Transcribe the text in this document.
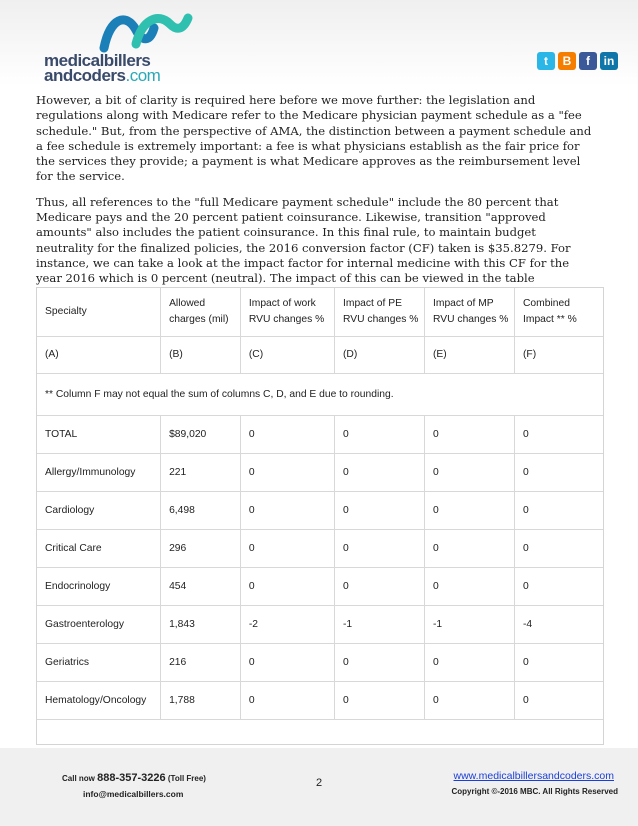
medicalbillers
andcoders.com
t	B	f	in

However, a bit of clarity is required here before we move further: the legislation and regulations along with Medicare refer to the Medicare physician payment schedule as a "fee schedule." But, from the perspective of AMA, the distinction between a payment schedule and a fee schedule is extremely important: a fee is what physicians establish as the fair price for the services they provide; a payment is what Medicare approves as the reimbursement level for the service.

Thus, all references to the "full Medicare payment schedule" include the 80 percent that Medicare pays and the 20 percent patient coinsurance. Likewise, transition "approved amounts" also includes the patient coinsurance. In this final rule, to maintain budget neutrality for the finalized policies, the 2016 conversion factor (CF) taken is $35.8279. For instance, we can take a look at the impact factor for internal medicine with this CF for the year 2016 which is 0 percent (neutral). The impact of this can be viewed in the table

Specialty	Allowed charges (mil)	Impact of work RVU changes %	Impact of PE RVU changes %	Impact of MP RVU changes %	Combined Impact ** %
(A)	(B)	(C)	(D)	(E)	(F)
** Column F may not equal the sum of columns C, D, and E due to rounding.					
TOTAL	$89,020	0	0	0	0
Allergy/Immunology	221	0	0	0	0
Cardiology	6,498	0	0	0	0
Critical Care	296	0	0	0	0
Endocrinology	454	0	0	0	0
Gastroenterology	1,843	-2	-1	-1	-4
Geriatrics	216	0	0	0	0
Hematology/Oncology	1,788	0	0	0	0
Call now 888-357-3226 (Toll Free)
info@medicalbillers.com
2
www.medicalbillersandcoders.com
Copyright ©-2016 MBC. All Rights Reserved
